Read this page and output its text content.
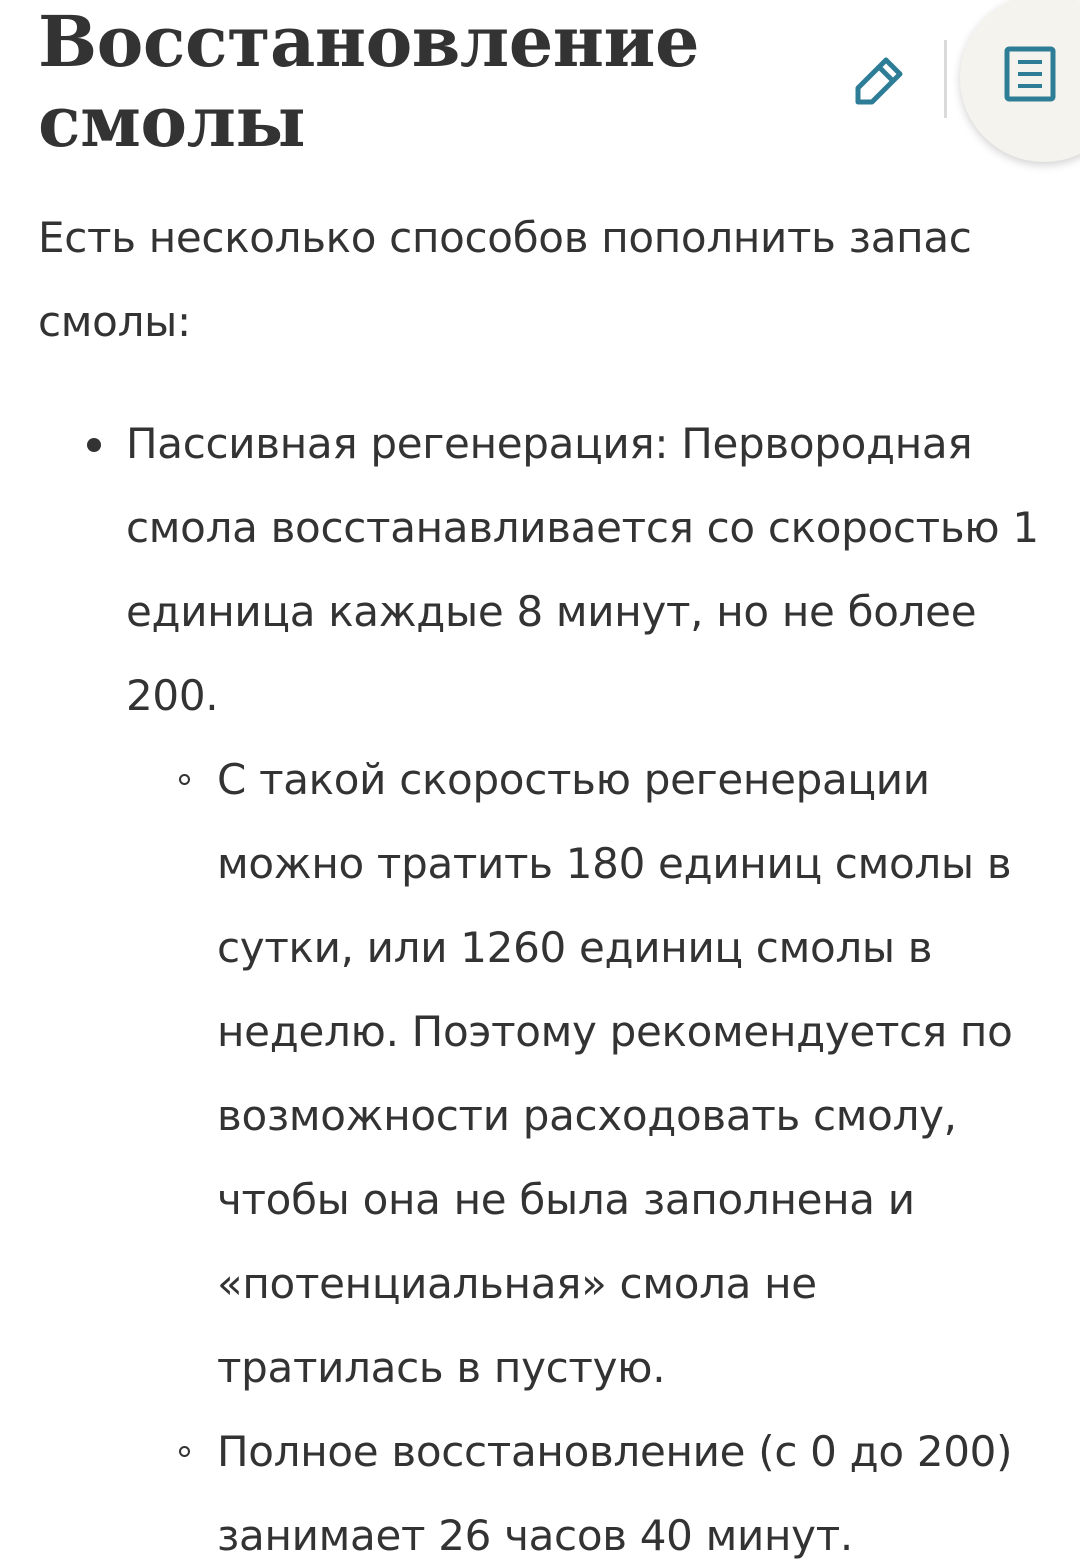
Восстановление смолы

Есть несколько способов пополнить запас смолы:

Пассивная регенерация: Первородная смола восстанавливается со скоростью 1 единица каждые 8 минут, но не более 200.
С такой скоростью регенерации можно тратить 180 единиц смолы в сутки, или 1260 единиц смолы в неделю. Поэтому рекомендуется по возможности расходовать смолу, чтобы она не была заполнена и «потенциальная» смола не тратилась в пустую.
Полное восстановление (с 0 до 200) занимает 26 часов 40 минут.
